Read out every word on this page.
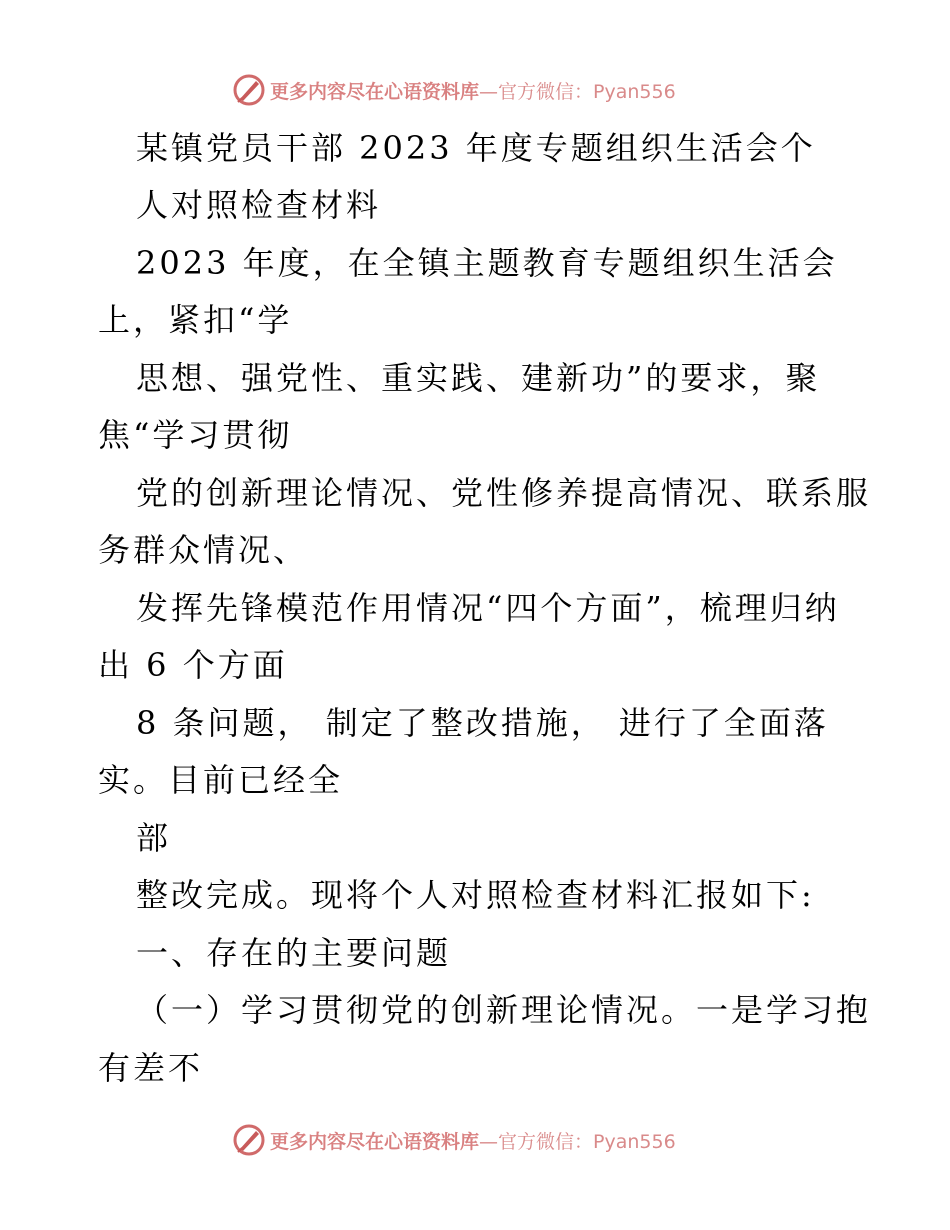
更多内容尽在心语资料库—官方微信：Pyan556
某镇党员干部 2023 年度专题组织生活会个
人对照检查材料
2023 年度，在全镇主题教育专题组织生活会
上，紧扣“学
思想、强党性、重实践、建新功”的要求，聚
焦“学习贯彻
党的创新理论情况、党性修养提高情况、联系服
务群众情况、
发挥先锋模范作用情况“四个方面”，梳理归纳
出 6 个方面
8 条问题， 制定了整改措施， 进行了全面落
实。目前已经全
部
整改完成。现将个人对照检查材料汇报如下:
一、存在的主要问题
（一）学习贯彻党的创新理论情况。一是学习抱
有差不
更多内容尽在心语资料库—官方微信：Pyan556
